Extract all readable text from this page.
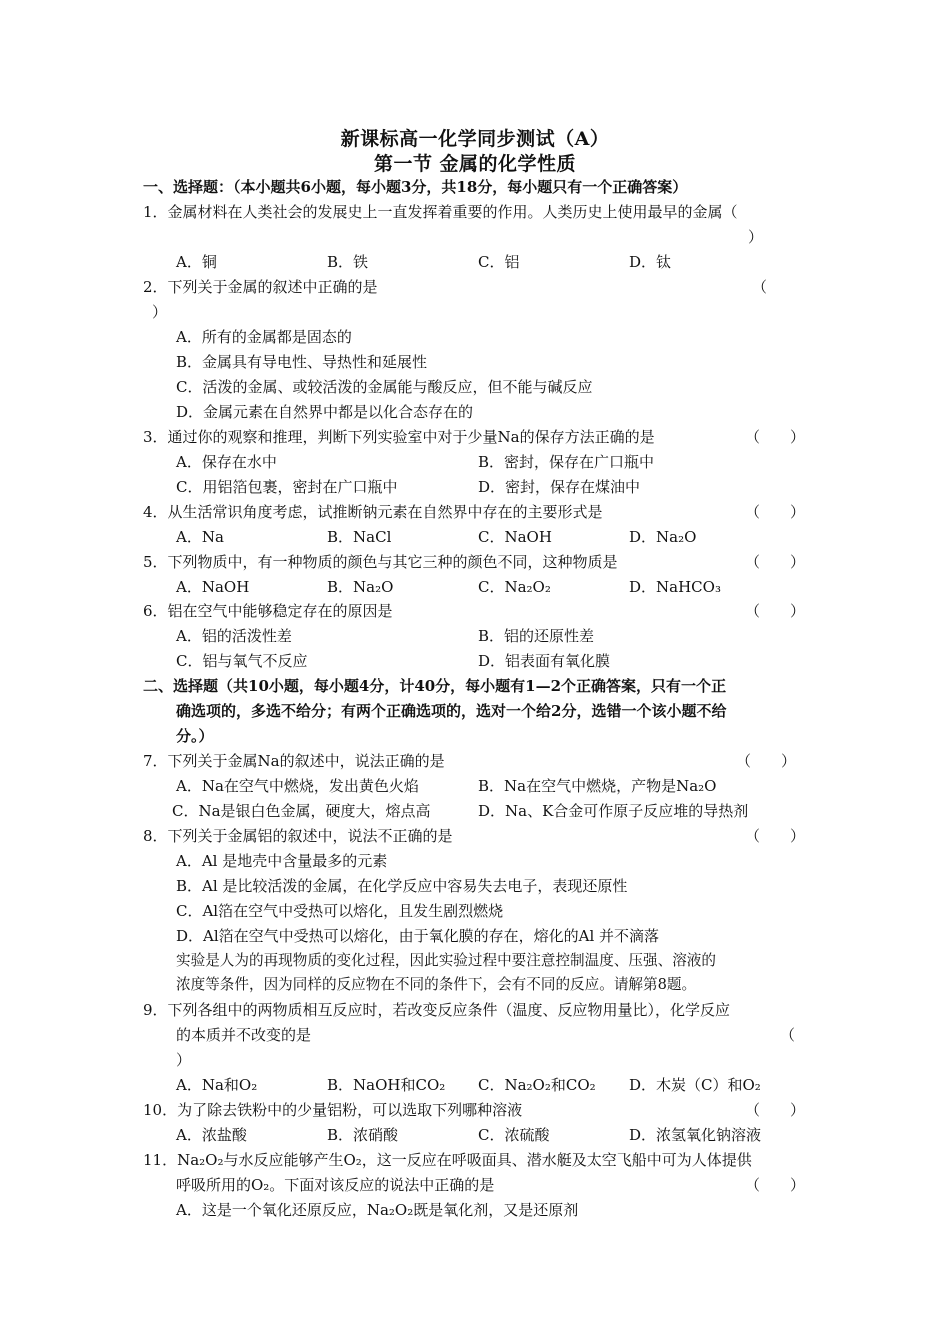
新课标高一化学同步测试（A）
第一节 金属的化学性质
一、选择题：（本小题共6小题，每小题3分，共18分，每小题只有一个正确答案）
1．金属材料在人类社会的发展史上一直发挥着重要的作用。人类历史上使用最早的金属（
）
A．铜	B．铁	C．铝	D．钛
2．下列关于金属的叙述中正确的是	（
）
A．所有的金属都是固态的
B．金属具有导电性、导热性和延展性
C．活泼的金属、或较活泼的金属能与酸反应，但不能与碱反应
D．金属元素在自然界中都是以化合态存在的
3．通过你的观察和推理，判断下列实验室中对于少量Na的保存方法正确的是	（　　）
A．保存在水中	B．密封，保存在广口瓶中
C．用铝箔包裹，密封在广口瓶中	D．密封，保存在煤油中
4．从生活常识角度考虑，试推断钠元素在自然界中存在的主要形式是	（　　）
A．Na	B．NaCl	C．NaOH	D．Na₂O
5．下列物质中，有一种物质的颜色与其它三种的颜色不同，这种物质是	（　　）
A．NaOH	B．Na₂O	C．Na₂O₂	D．NaHCO₃
6．铝在空气中能够稳定存在的原因是	（　　）
A．铝的活泼性差	B．铝的还原性差
C．铝与氧气不反应	D．铝表面有氧化膜
二、选择题（共10小题，每小题4分，计40分，每小题有1—2个正确答案，只有一个正
确选项的，多选不给分；有两个正确选项的，选对一个给2分，选错一个该小题不给
分。）
7．下列关于金属Na的叙述中，说法正确的是	（　　）
A．Na在空气中燃烧，发出黄色火焰	B．Na在空气中燃烧，产物是Na₂O
C．Na是银白色金属，硬度大，熔点高	D．Na、K合金可作原子反应堆的导热剂
8．下列关于金属铝的叙述中，说法不正确的是	（　　）
A．Al 是地壳中含量最多的元素
B．Al 是比较活泼的金属，在化学反应中容易失去电子，表现还原性
C．Al箔在空气中受热可以熔化，且发生剧烈燃烧
D．Al箔在空气中受热可以熔化，由于氧化膜的存在，熔化的Al 并不滴落
实验是人为的再现物质的变化过程，因此实验过程中要注意控制温度、压强、溶液的
浓度等条件，因为同样的反应物在不同的条件下，会有不同的反应。请解第8题。
9．下列各组中的两物质相互反应时，若改变反应条件（温度、反应物用量比），化学反应
的本质并不改变的是	（
）
A．Na和O₂	B．NaOH和CO₂ C．Na₂O₂和CO₂ D．木炭（C）和O₂
10．为了除去铁粉中的少量铝粉，可以选取下列哪种溶液	（　　）
A．浓盐酸	B．浓硝酸	C．浓硫酸	D．浓氢氧化钠溶液
11．Na₂O₂与水反应能够产生O₂，这一反应在呼吸面具、潜水艇及太空飞船中可为人体提供
呼吸所用的O₂。下面对该反应的说法中正确的是	（　　）
A．这是一个氧化还原反应，Na₂O₂既是氧化剂，又是还原剂
